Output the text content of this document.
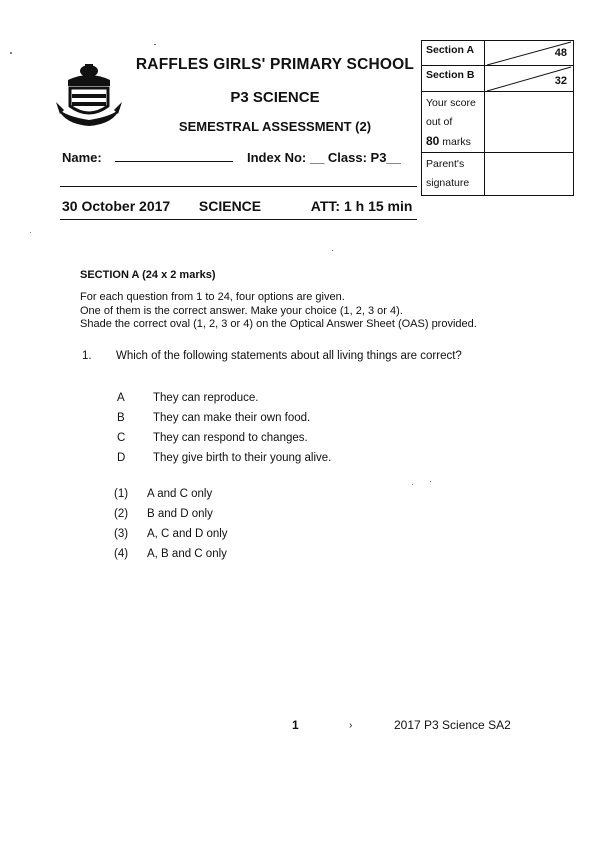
RAFFLES GIRLS' PRIMARY SCHOOL
P3 SCIENCE
SEMESTRAL ASSESSMENT (2)
Name:	Index No: __ Class: P3__
30 October 2017 SCIENCE	ATT: 1 h 15 min
Section A	48

Section B	32

Your score
out of
80 marks	

Parent's
signature	

SECTION A (24 x 2 marks)
For each question from 1 to 24, four options are given.
One of them is the correct answer. Make your choice (1, 2, 3 or 4).
Shade the correct oval (1, 2, 3 or 4) on the Optical Answer Sheet (OAS) provided.
1. Which of the following statements about all living things are correct?
A They can reproduce.
B They can make their own food.
C They can respond to changes.
D They give birth to their young alive.
(1) A and C only
(2) B and D only
(3) A, C and D only
(4) A, B and C only
1	›	2017 P3 Science SA2
